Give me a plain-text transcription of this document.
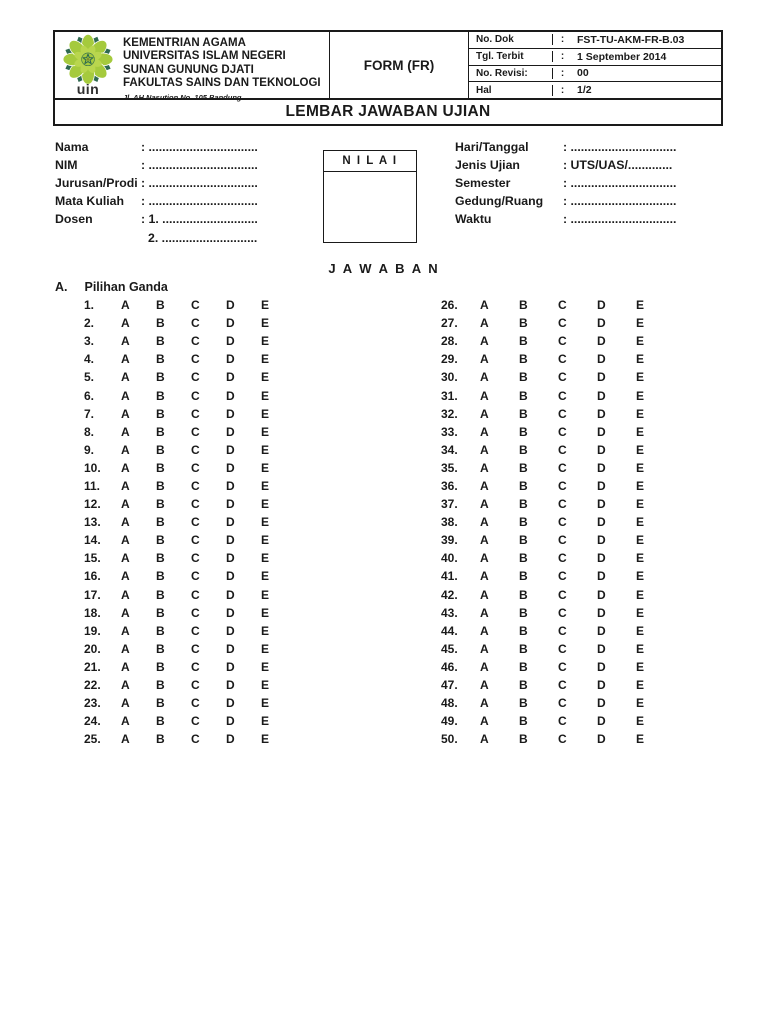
uin
KEMENTRIAN AGAMA
UNIVERSITAS ISLAM NEGERI
SUNAN GUNUNG DJATI
FAKULTAS SAINS DAN TEKNOLOGI
Jl. AH Nasution No. 105 Bandung
FORM (FR)
No. Dok	:	FST-TU-AKM-FR-B.03
Tgl. Terbit	:	1 September 2014
No. Revisi:	:	00
Hal	:	1/2
LEMBAR JAWABAN UJIAN
Nama	: ................................
NIM	: ................................
Jurusan/Prodi : ................................
Mata Kuliah	: ................................
Dosen	: 1. ............................
2. ............................
N I L A I
Hari/Tanggal	: ...............................
Jenis Ujian	: UTS/UAS/.............
Semester	: ...............................
Gedung/Ruang	: ...............................
Waktu	: ...............................
J A W A B A N
A. Pilihan Ganda
1.	A	B	C	D	E
2.	A	B	C	D	E
3.	A	B	C	D	E
4.	A	B	C	D	E
5.	A	B	C	D	E
6.	A	B	C	D	E
7.	A	B	C	D	E
8.	A	B	C	D	E
9.	A	B	C	D	E
10.	A	B	C	D	E
11.	A	B	C	D	E
12.	A	B	C	D	E
13.	A	B	C	D	E
14.	A	B	C	D	E
15.	A	B	C	D	E
16.	A	B	C	D	E
17.	A	B	C	D	E
18.	A	B	C	D	E
19.	A	B	C	D	E
20.	A	B	C	D	E
21.	A	B	C	D	E
22.	A	B	C	D	E
23.	A	B	C	D	E
24.	A	B	C	D	E
25.	A	B	C	D	E
26.	A	B	C	D	E
27.	A	B	C	D	E
28.	A	B	C	D	E
29.	A	B	C	D	E
30.	A	B	C	D	E
31.	A	B	C	D	E
32.	A	B	C	D	E
33.	A	B	C	D	E
34.	A	B	C	D	E
35.	A	B	C	D	E
36.	A	B	C	D	E
37.	A	B	C	D	E
38.	A	B	C	D	E
39.	A	B	C	D	E
40.	A	B	C	D	E
41.	A	B	C	D	E
42.	A	B	C	D	E
43.	A	B	C	D	E
44.	A	B	C	D	E
45.	A	B	C	D	E
46.	A	B	C	D	E
47.	A	B	C	D	E
48.	A	B	C	D	E
49.	A	B	C	D	E
50.	A	B	C	D	E
